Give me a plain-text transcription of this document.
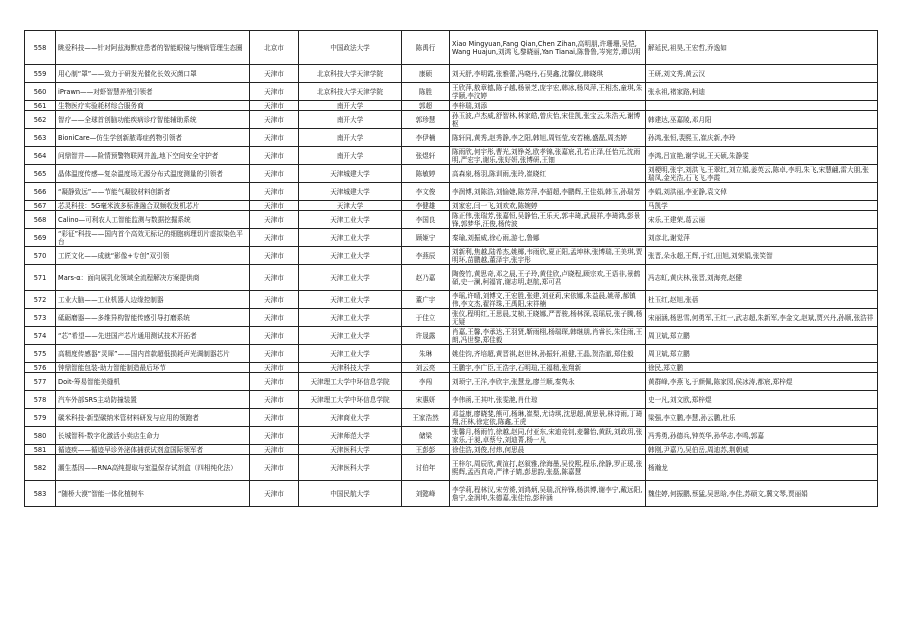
558	眺爱科技——针对阿兹海默症患者的智能眼镜与慢病管理生态圈	北京市	中国政法大学	陈禹行	Xiao Mingyuan,Fang Qian,Chen Zihan,高明朋,许珊珊,吴恺,Wang Huajun,刘鸿飞,黎晓丽,Yan Tianai,陈鲁鲁,岑宛芳,谭以明	解延民,祖昊,王宏哲,乔逸如
559	用心制“罩”——致力于研发光催化长效灭菌口罩	天津市	北京科技大学天津学院	康硕	刘天舒,李明霞,张雅蕾,冯哓丹,石昊鑫,沈馨仪,韩晓琪	王研,刘文秀,黄云汉
560	iPrawn——对虾智慧养殖引领者	天津市	北京科技大学天津学院	陈胜	王欣萍,敖章德,陈子越,杨景芝,庞宇宏,韩冰,杨凤萍,王相杰,童琪,朱学颐,李汶婷	张永祖,褚家路,柯迪
561	生物医疗实验耗材综合服务商	天津市	南开大学	郭超	李梓瑞,刘添	
562	智疗——全球首创脑功能疾病诊疗智能辅助系统	天津市	南开大学	郭珍慧	孙玉波,卢杰威,舒智林,林家皓,曾庆怡,宋佳凯,张宝云,朱浩天,谢博枢	韩建达,巫嘉陵,邓月阳
563	BioniCare—仿生学创新脓毒症药物引领者	天津市	南开大学	李伊楠	陈轩同,黄秀,赵秀静,李之阳,韩旭,周钰莹,安若楠,盛磊,周杰婷	孙鸿,张恒,裴熙玉,崔庆新,李玲
564	问鼎智井——险情预警物联网井盖,地下空间安全守护者	天津市	南开大学	张煜轩	陈雨欣,何宇彤,曹光,刘铮尧,欧孝锦,张嘉宸,孔若正泽,任怡元,沈雨明,严宏宇,谢乐,张好妍,张博研,王钿	李鸿,吕宣艳,谢学说,王天硕,朱静雯
565	晶体温度传感—复杂温度场无源分布式温度测量的引领者	天津市	天津城建大学	陈敏婷	高森泉,杨羽,陈训雨,张玲,崔晓红	刘梗明,张宇,刘洪飞,王翠红,刘立娟,姜英云,陈卓,李玥,朱飞,宋慧翩,雷大朋,张瑞凤,金光浩,石飞飞,李霞
566	“凝静致远”——节能气凝胶材料创新者	天津市	天津城建大学	李文俊	李润博,刘陈浩,刘愉婕,陈芳萍,李韶超,李鹏辉,王佳茹,韩玉,孙瑞芳	李娟,刘洪丽,李亚静,袁文倬
567	芯灵科技：5G毫米波多标准融合双频收发机芯片	天津市	天津大学	李健雄	刘家宏,闫一飞,刘欢欢,陈婉婷	马凯学
568	Calino—可利农人工智能监测与数据挖掘系统	天津市	天津工业大学	李国良	陈正伟,张瑞芳,张嘉恒,吴静怡,王乐天,郭丰琦,武晨祥,李琦鸿,彭景锋,郭梦华,汪俊,杨传波	宋乐,王建荣,葛云丽
569	“彩征”科技——国内首个高效无标记的细胞病理切片虚拟染色平台	天津市	天津工业大学	顾姬宁	秦瑜,刘振威,徐心雨,游七,鲁娜	刘彦北,谢觉萍
570	工匠文化——成就“影像+专创”双引领	天津市	天津工业大学	李燕辰	刘新利,焦越,陆希杰,姚椰,韦雨欣,夏正阳,孟坤林,张博瑞,王美琪,贾明环,苗鹏越,董泽宇,张宇彤	张晋,朵永超,王辉,于红,田旭,刘荣娟,张笑智
571	Mars-α：面向展乳化领域全流程解决方案提供商	天津市	天津工业大学	赵乃嘉	陶俊竹,黄思奇,邓之晨,王子玲,黄佳欣,卢晓程,顾宗欢,王语非,景鹤碩,史一澜,柯福宵,谢志明,赵航,郑可君	冯志虹,黄庆林,张晋,刘海亮,赵健
572	工业大脑——工业机器人边缘控制器	天津市	天津工业大学	董广宇	李瑶,许晴,刘博文,王宏胜,张建,刘亚莉,宋依娜,朱益晨,姚蒂,郝镇伟,李文杰,翟祥珠,王禹阳,宋祥楠	杜玉红,赵旭,张蓓
573	砥砺磨器——多维异构智能传感引导打磨系统	天津市	天津工业大学	于佳立	张仪,程明红,王思晨,艾桢,王晓娜,严晋骏,杨林深,袁瑶辰,张子腾,杨无疑	宋丽涵,杨思雪,何勇军,王红一,武志超,朱新军,李金文,赵斌,贾兴丹,孙顺,张浩祥
574	“芯”希望——先进国产芯片通用测试技术开拓者	天津市	天津工业大学	许晟露	肖嘉,王馨,李承达,王羽贤,靳雨栩,杨瑞琛,韩继朋,肖睿长,朱佳雨,王朗,冯世黎,郑佳毅	周卫斌,郑立鹏
575	高精度传感器“灵犀”——国内首款超低损耗声光调制器芯片	天津市	天津工业大学	朱琳	姚佳钧,齐培超,黄晋祺,赵世林,孙振轩,祖健,王晶,贺浩澈,郑佳毅	周卫斌,郑立鹏
576	钟鼎智能包装-助力智能制造最后环节	天津市	天津科技大学	刘云亮	王鹏宇,李广臣,王浩宇,石明瑄,王福精,张翔新	徐民,郑立鹏
577	Doit-筹易智能美缝机	天津市	天津理工大学中环信息学院	李闯	刘顼宁,王洋,李欣宇,张慧龙,廖兰顺,秦隽永	黄群峰,李燕飞,于颜佩,陈家园,侯冰涛,都宸,郑梓煜
578	汽车外部SRS主动防撞装置	天津市	天津理工大学中环信息学院	宋惠妍	李伟函,王其叶,张雯滟,肖仕琼	史一凡,刘文欧,郑梓煜
579	碳米科技-新型碳纳米管材料研发与应用的领跑者	天津市	天津商业大学	王家浩然	邓益康,廖晓斐,熊可,杨琳,崔梨,尤诗琪,沈思超,黄思景,林诗雨,丁琦翔,汪林,徐定依,陈鑫,王虎	梁强,李立鹏,李慧,孙云鹏,杜乐
580	长城智科-数字化激活小卖店生命力	天津市	天津师范大学	储梁	张馨月,杨雨竹,徐越,赵同,付亚东,宋迪竞钊,麦馨怡,黄跃,刘政玥,张家乐,于昶,卓蔡兮,刘迪菁,杨一凡	冯秀勇,孙德兵,钟英华,孙华志,李鸣,郭嘉
581	循迹疾——循迹早诊外泌体捕获试剂盒国际领军者	天津市	天津医科大学	王彭彭	徐佳浩,刘俊,付炜,何思晨	韩刚,尹嘉乃,吴伯岳,周迪苏,荆朝威
582	潮生基因——RNA高纯提取与室温保存试剂盒（四相纯化法）	天津市	天津医科大学	讨伯年	王梓尔,周辰欣,黄渲打,赵叙雅,徐海墨,吴佼熙,程乐,徐静,罗正瑗,张熙辉,孟西真奇,严律子婧,彭思韵,张磊,陈嘉慧	杨瀚龙
583	“随桥大漠”智能一体化植树车	天津市	中国民航大学	刘懿峰	李学莉,程林汉,宋劳赟,刘鸿炳,吴瑞,沉梓锋,杨洪博,谢李宁,戴远阳,詹宁,金润坤,朱德嘉,张佳怡,彭梓涵	魏佳婷,何振鹏,蔡猛,吴思晗,李佳,苏硕文,冀文琴,贾丽娟
